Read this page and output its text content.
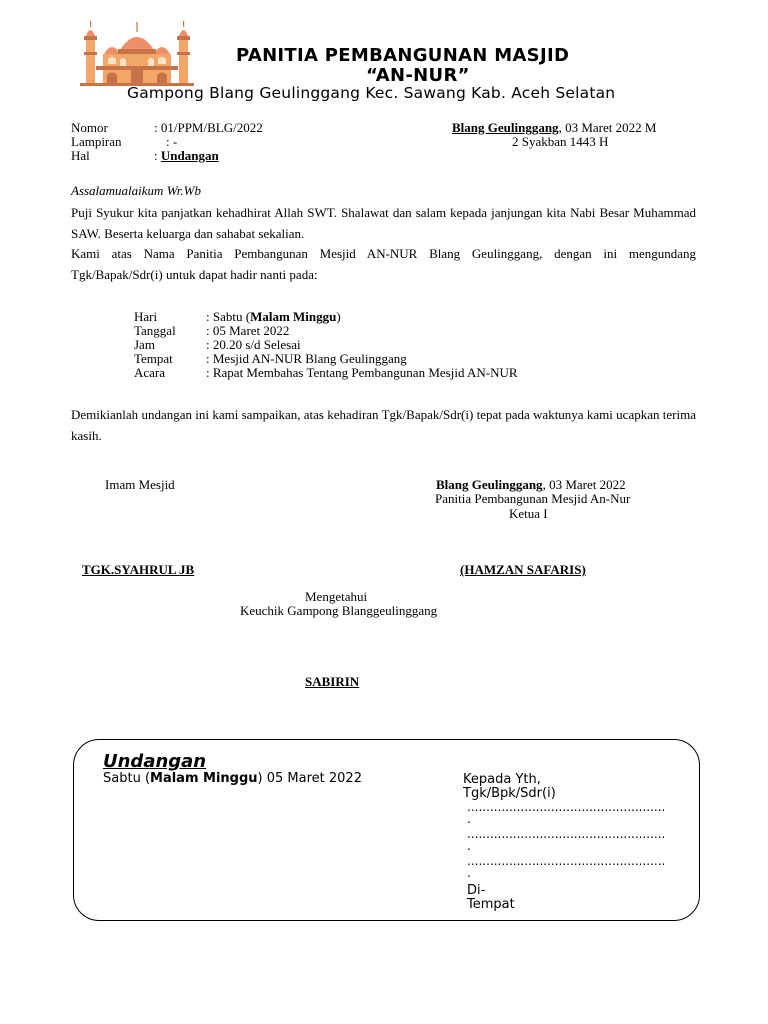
PANITIA PEMBANGUNAN MASJID
“AN-NUR”
Gampong Blang Geulinggang Kec. Sawang Kab. Aceh Selatan
Nomor	: 01/PPM/BLG/2022
Lampiran	: -
Hal	: Undangan
Blang Geulinggang, 03 Maret 2022 M
2 Syakban 1443 H
Assalamualaikum Wr.Wb
Puji Syukur kita panjatkan kehadhirat Allah SWT. Shalawat dan salam kepada janjungan kita Nabi Besar Muhammad SAW. Beserta keluarga dan sahabat sekalian.
Kami atas Nama Panitia Pembangunan Mesjid AN-NUR Blang Geulinggang, dengan ini mengundang Tgk/Bapak/Sdr(i) untuk dapat hadir nanti pada:
Hari	: Sabtu (Malam Minggu)
Tanggal : 05 Maret 2022
Jam	: 20.20 s/d Selesai
Tempat	: Mesjid AN-NUR Blang Geulinggang
Acara	: Rapat Membahas Tentang Pembangunan Mesjid AN-NUR
Demikianlah undangan ini kami sampaikan, atas kehadiran Tgk/Bapak/Sdr(i) tepat pada waktunya kami ucapkan terima kasih.
Imam Mesjid	Blang Geulinggang, 03 Maret 2022
Panitia Pembangunan Mesjid An-Nur
Ketua I
TGK.SYAHRUL JB	(HAMZAN SAFARIS)
Mengetahui
Keuchik Gampong Blanggeulinggang
SABIRIN
Undangan
Sabtu (Malam Minggu) 05 Maret 2022	Kepada Yth,
Tgk/Bpk/Sdr(i)
....................................................
.
....................................................
.
....................................................
.
Di-
Tempat
